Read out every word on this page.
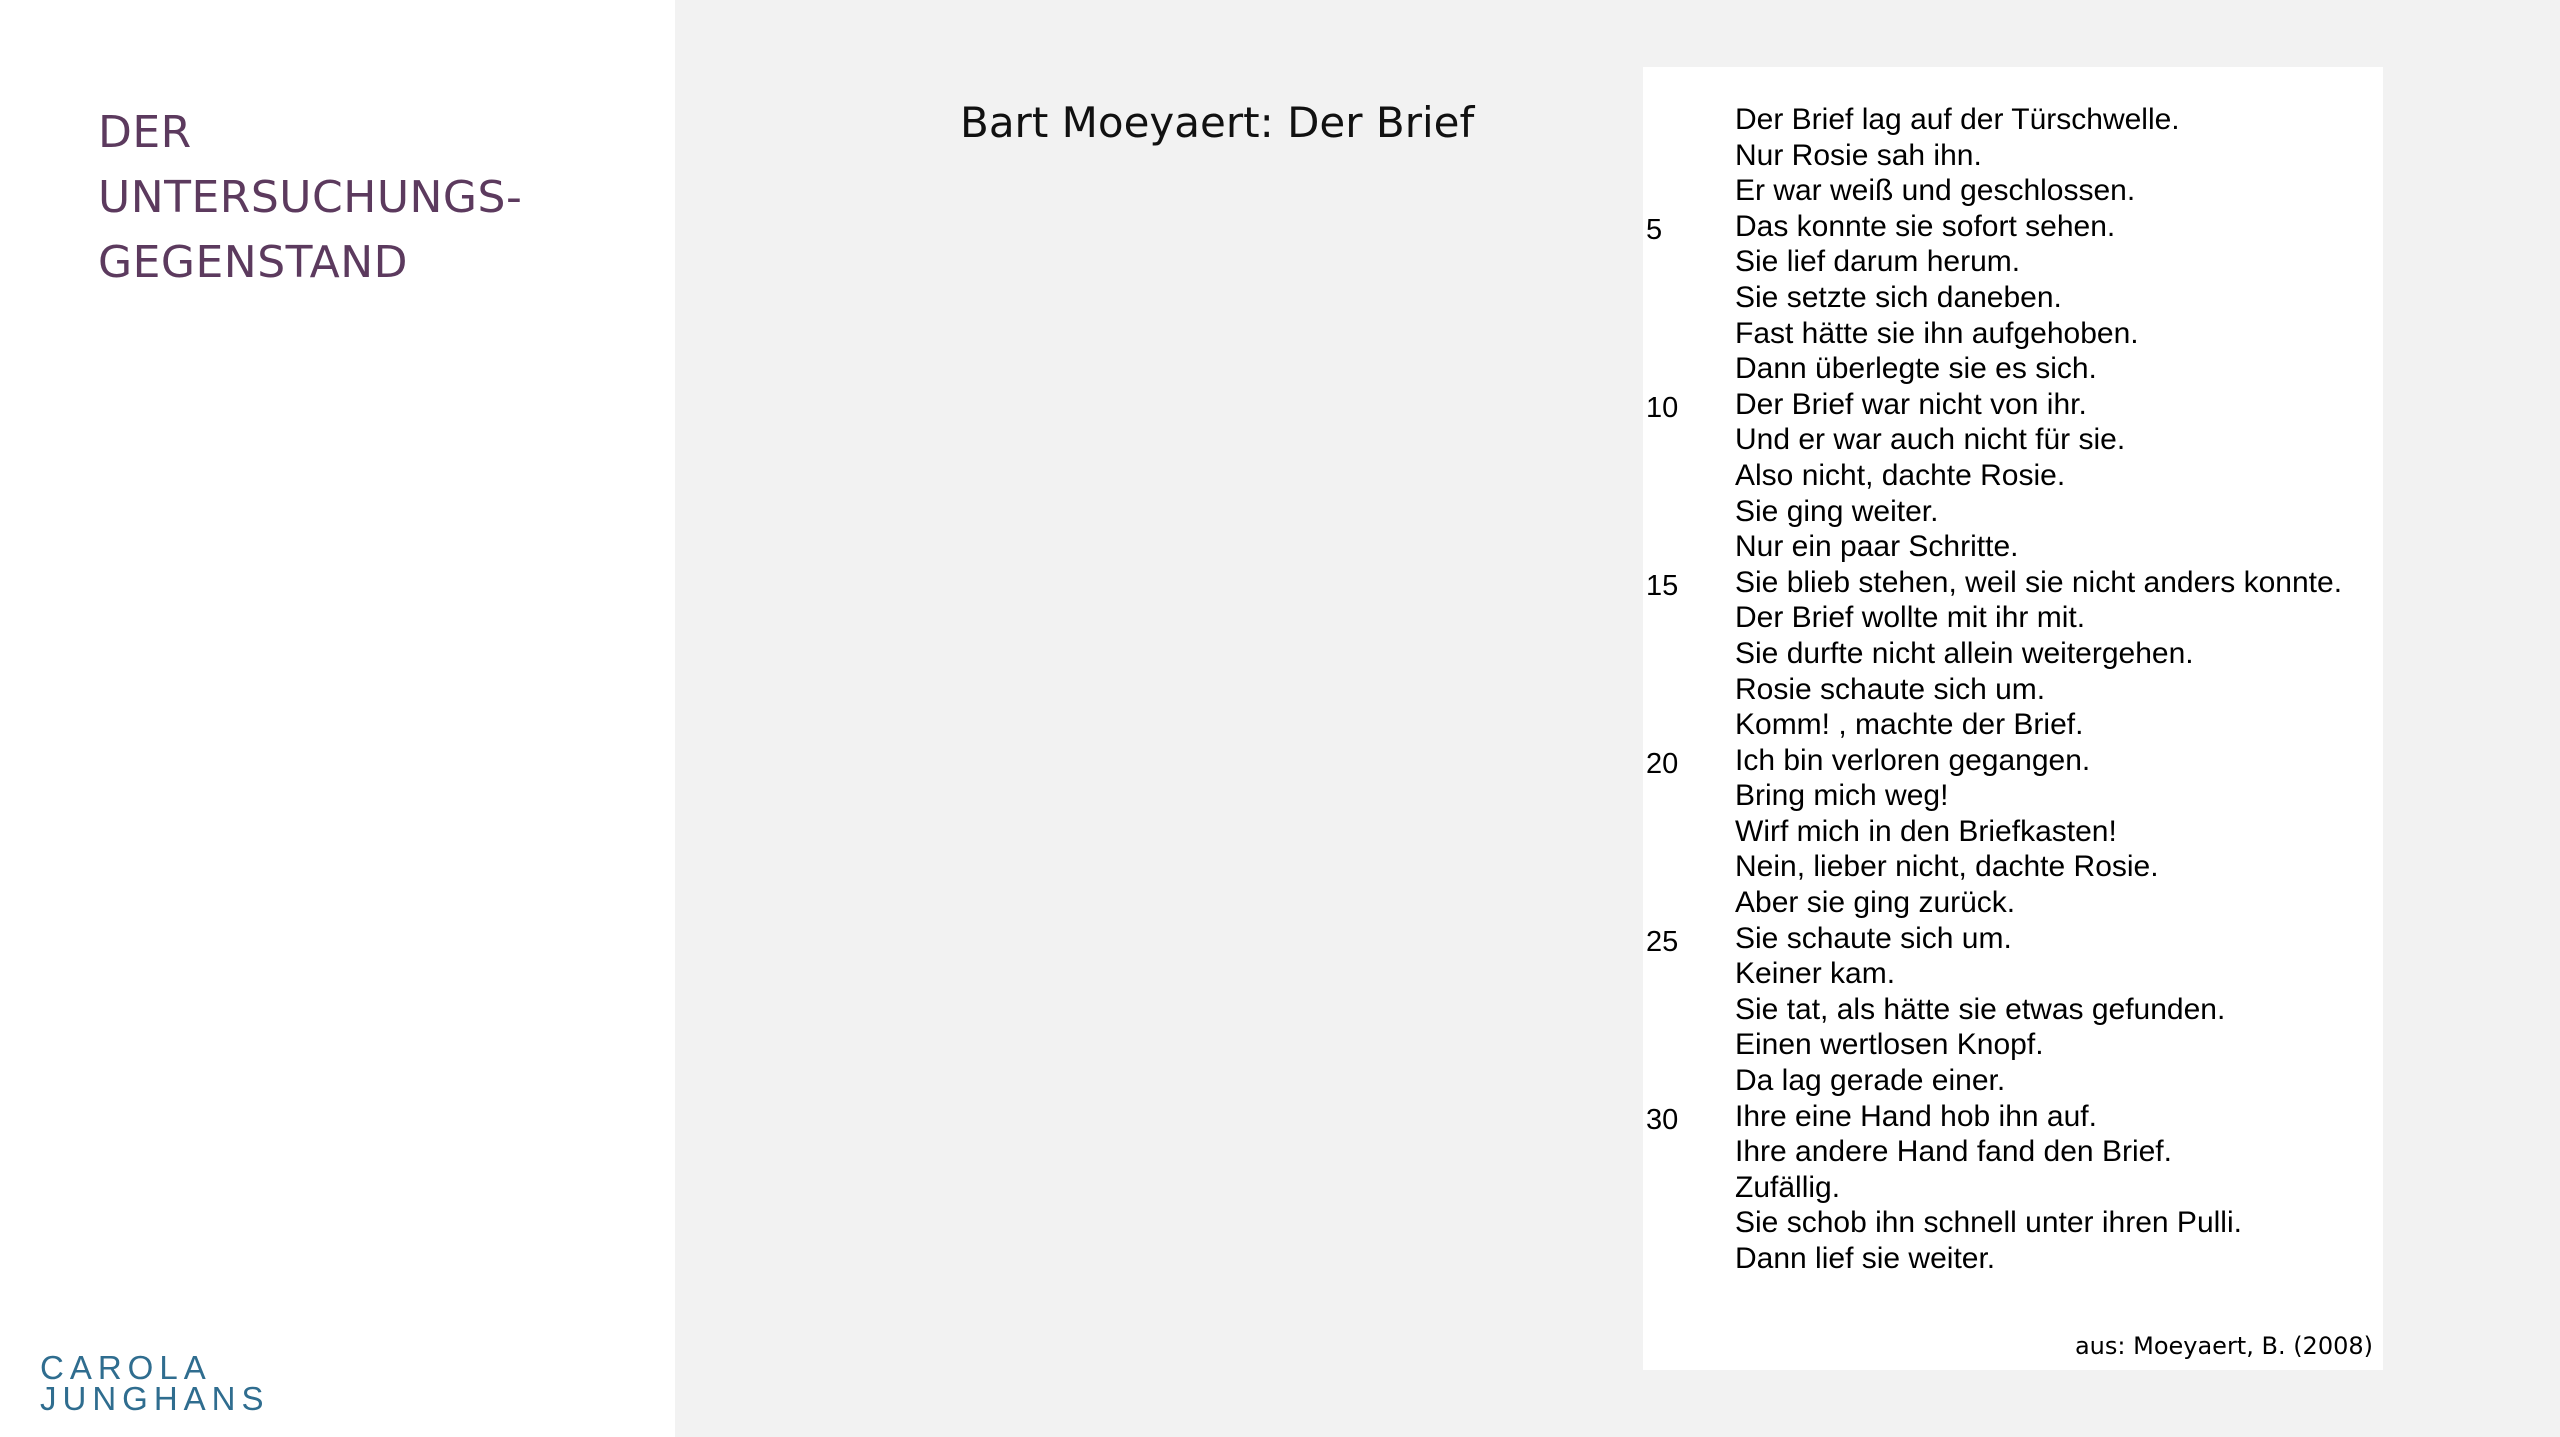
DER
UNTERSUCHUNGS-
GEGENSTAND
CAROLA
JUNGHANS
Bart Moeyaert: Der Brief	Der Brief lag auf der Türschwelle.
Nur Rosie sah ihn.
Er war weiß und geschlossen.
5 Das konnte sie sofort sehen.
Sie lief darum herum.
Sie setzte sich daneben.
Fast hätte sie ihn aufgehoben.
Dann überlegte sie es sich.
10 Der Brief war nicht von ihr.
Und er war auch nicht für sie.
Also nicht, dachte Rosie.
Sie ging weiter.
Nur ein paar Schritte.
15 Sie blieb stehen, weil sie nicht anders konnte.
Der Brief wollte mit ihr mit.
Sie durfte nicht allein weitergehen.
Rosie schaute sich um.
Komm! , machte der Brief.
20 Ich bin verloren gegangen.
Bring mich weg!
Wirf mich in den Briefkasten!
Nein, lieber nicht, dachte Rosie.
Aber sie ging zurück.
25 Sie schaute sich um.
Keiner kam.
Sie tat, als hätte sie etwas gefunden.
Einen wertlosen Knopf.
Da lag gerade einer.
30 Ihre eine Hand hob ihn auf.
Ihre andere Hand fand den Brief.
Zufällig.
Sie schob ihn schnell unter ihren Pulli.
Dann lief sie weiter.
aus: Moeyaert, B. (2008)
